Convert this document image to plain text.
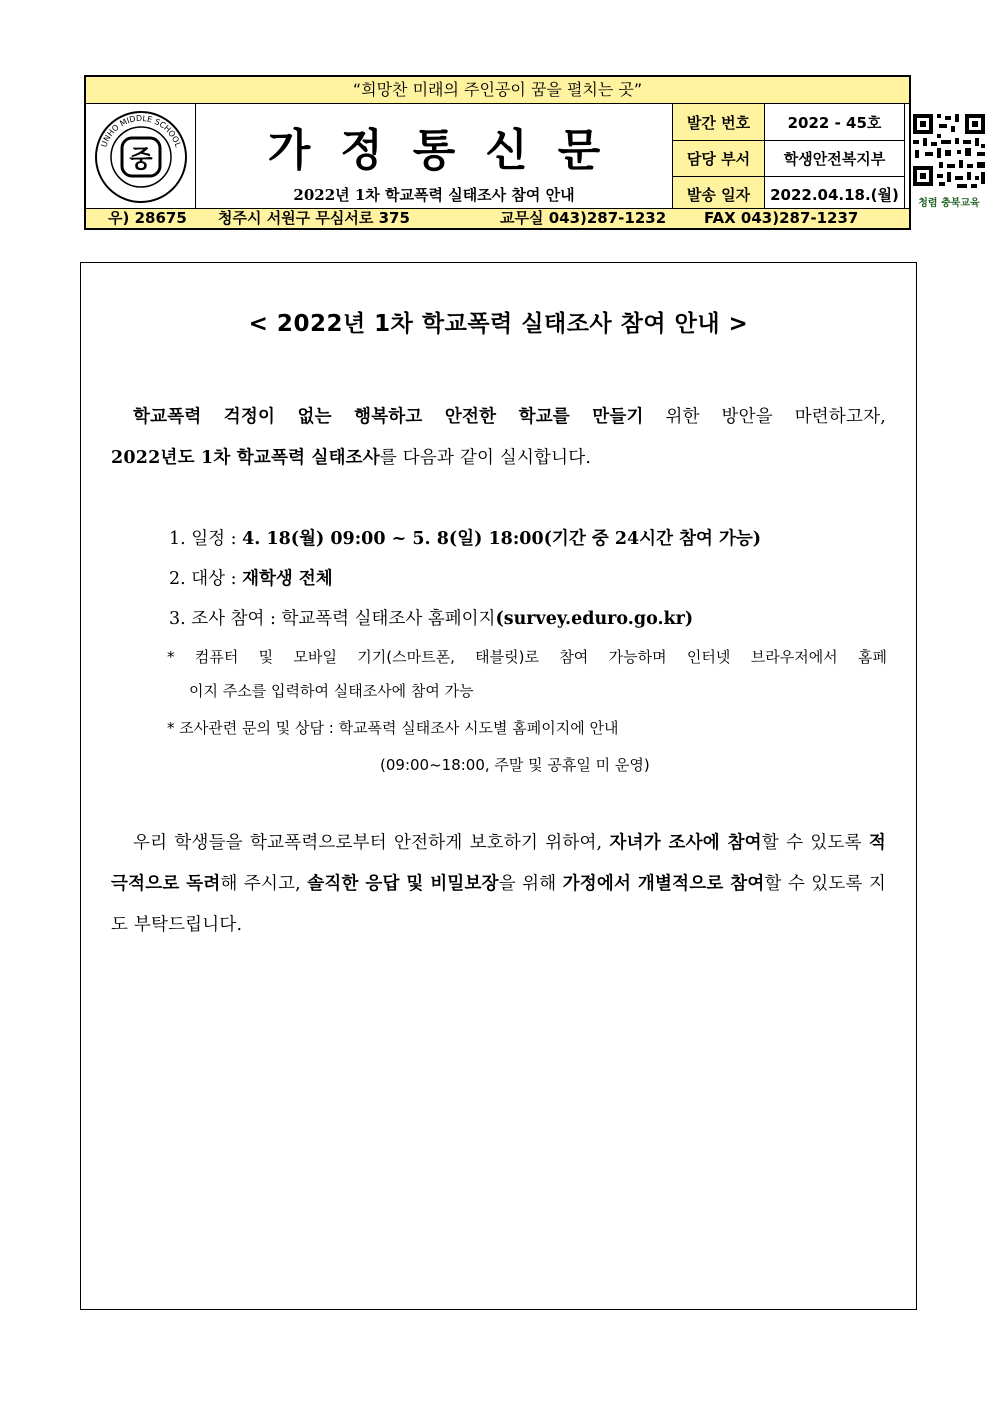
“희망찬 미래의 주인공이 꿈을 펼치는 곳”
UNHO MIDDLE SCHOOL
중	가정통신문
2022년 1차 학교폭력 실태조사 참여 안내
발간 번호	2022 - 45호
담당 부서	학생안전복지부
발송 일자	2022.04.18.(월)	청렴 충북교육
우) 28675 청주시 서원구 무심서로 375	교무실 043)287-1232	FAX 043)287-1237
< 2022년 1차 학교폭력 실태조사 참여 안내 >
학교폭력 걱정이 없는 행복하고 안전한 학교를 만들기 위한 방안을 마련하고자,
2022년도 1차 학교폭력 실태조사를 다음과 같이 실시합니다.
1. 일정 : 4. 18(월) 09:00 ~ 5. 8(일) 18:00(기간 중 24시간 참여 가능)
2. 대상 : 재학생 전체
3. 조사 참여 : 학교폭력 실태조사 홈페이지(survey.eduro.go.kr)
* 컴퓨터 및 모바일 기기(스마트폰, 태블릿)로 참여 가능하며 인터넷 브라우저에서 홈페
이지 주소를 입력하여 실태조사에 참여 가능
* 조사관련 문의 및 상담 : 학교폭력 실태조사 시도별 홈페이지에 안내
(09:00~18:00, 주말 및 공휴일 미 운영)
우리 학생들을 학교폭력으로부터 안전하게 보호하기 위하여, 자녀가 조사에 참여할 수 있도록 적극적으로 독려해 주시고, 솔직한 응답 및 비밀보장을 위해 가정에서 개별적으로 참여할 수 있도록 지도 부탁드립니다.
